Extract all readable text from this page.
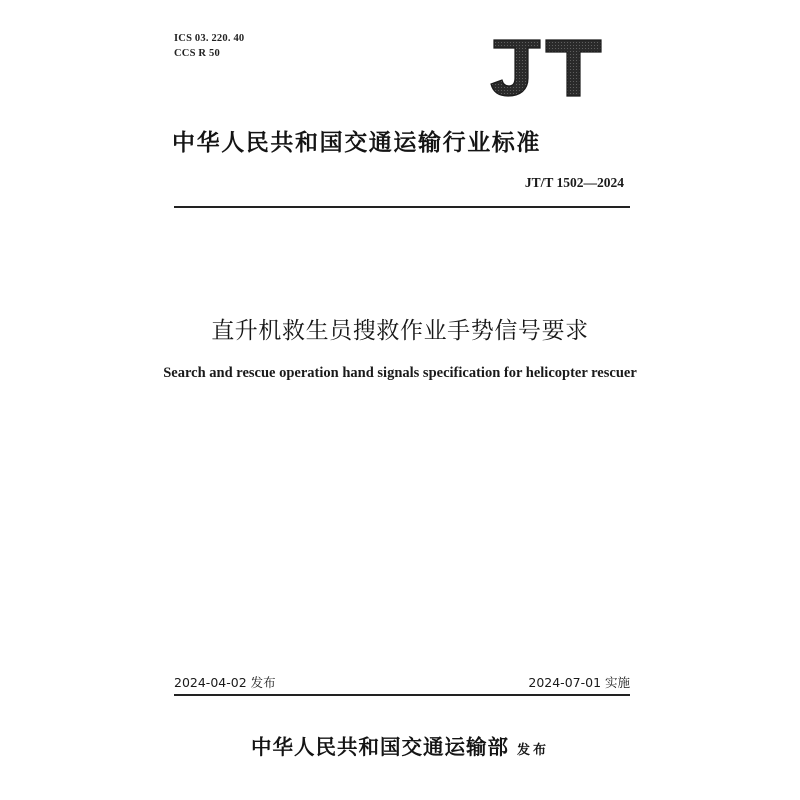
ICS 03. 220. 40
CCS R 50
中华人民共和国交通运输行业标准
JT/T 1502—2024
直升机救生员搜救作业手势信号要求
Search and rescue operation hand signals specification for helicopter rescuer
2024-04-02 发布	2024-07-01 实施
中华人民共和国交通运输部 发布
